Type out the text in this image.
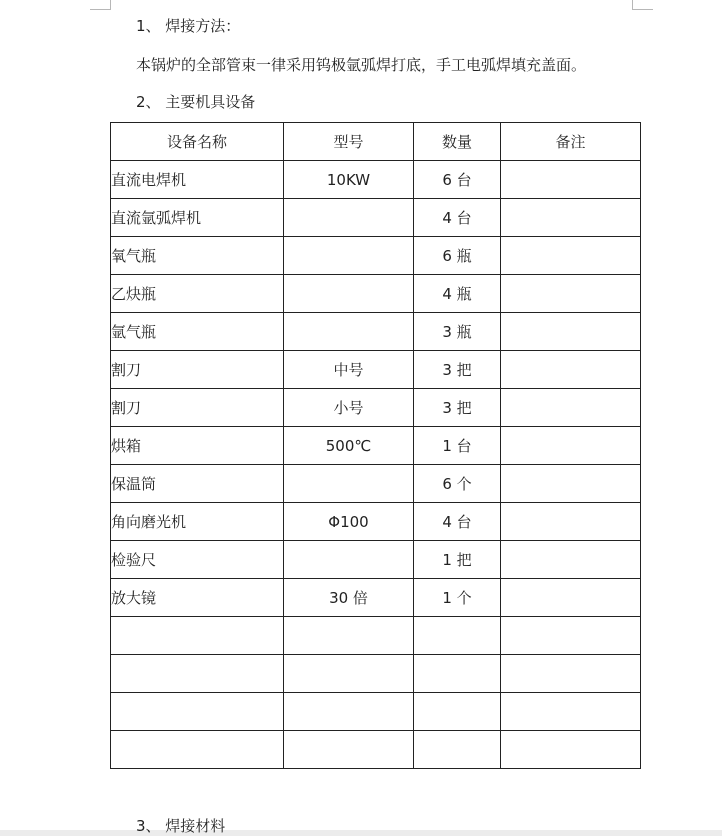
1、 焊接方法：
本锅炉的全部管束一律采用钨极氩弧焊打底，手工电弧焊填充盖面。
2、 主要机具设备
设备名称	型号	数量	备注
直流电焊机	10KW	6 台	
直流氩弧焊机		4 台	
氧气瓶		6 瓶	
乙炔瓶		4 瓶	
氩气瓶		3 瓶	
割刀	中号	3 把	
割刀	小号	3 把	
烘箱	500℃	1 台	
保温筒		6 个	
角向磨光机	Φ100	4 台	
检验尺		1 把	
放大镜	30 倍	1 个	

3、 焊接材料
